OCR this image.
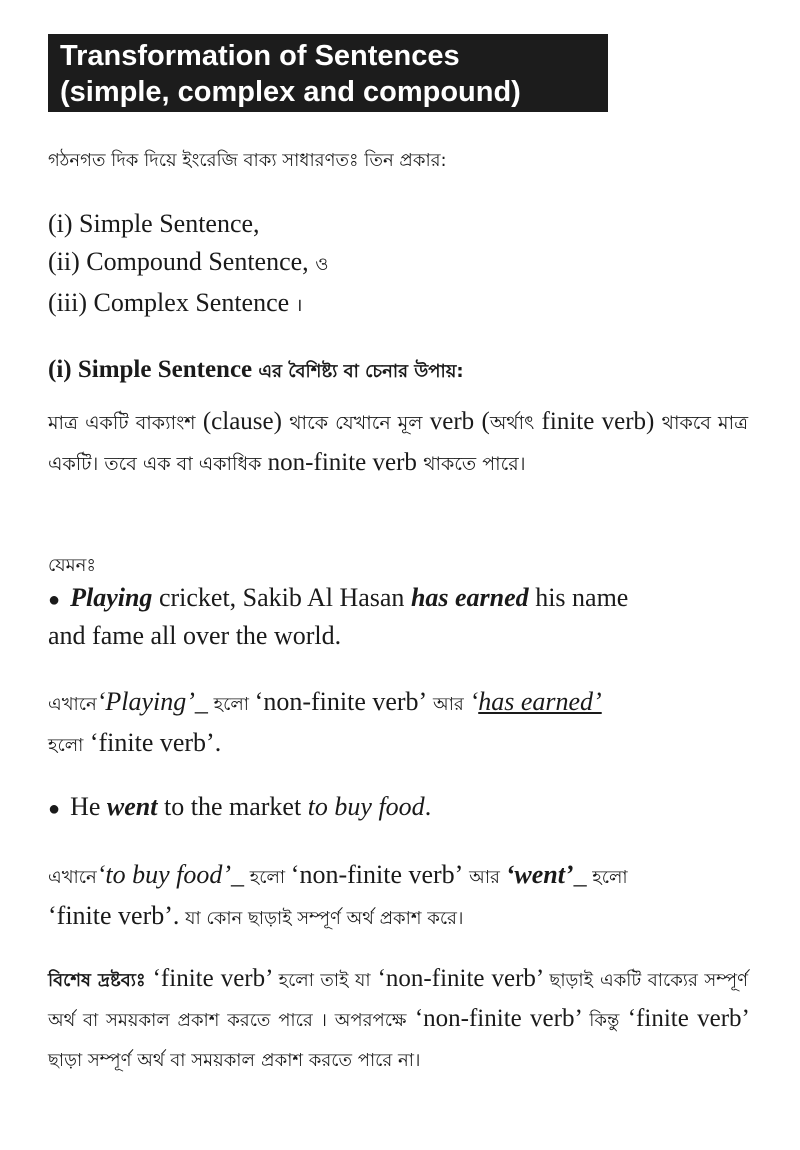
Transformation of Sentences
(simple, complex and compound)
গঠনগত দিক দিয়ে ইংরেজি বাক্য সাধারণতঃ তিন প্রকার:
(i) Simple Sentence,
(ii) Compound Sentence, ও
(iii) Complex Sentence ।
(i) Simple Sentence এর বৈশিষ্ট্য বা চেনার উপায়:
মাত্র একটি বাক্যাংশ (clause) থাকে যেখানে মূল verb (অর্থাৎ finite verb) থাকবে মাত্র একটি। তবে এক বা একাধিক non-finite verb থাকতে পারে।
যেমনঃ
● Playing cricket, Sakib Al Hasan has earned his name
and fame all over the world.
এখানে‘Playing’_ হলো ‘non-finite verb’ আর ‘has earned’
হলো ‘finite verb’.
● He went to the market to buy food.
এখানে‘to buy food’_ হলো ‘non-finite verb’ আর ‘went’_ হলো
‘finite verb’. যা কোন ছাড়াই সম্পূর্ণ অর্থ প্রকাশ করে।
বিশেষ দ্রষ্টব্যঃ ‘finite verb’ হলো তাই যা ‘non-finite verb’ ছাড়াই একটি বাক্যের সম্পূর্ণ অর্থ বা সময়কাল প্রকাশ করতে পারে । অপরপক্ষে ‘non-finite verb’ কিন্তু ‘finite verb’ ছাড়া সম্পূর্ণ অর্থ বা সময়কাল প্রকাশ করতে পারে না।
